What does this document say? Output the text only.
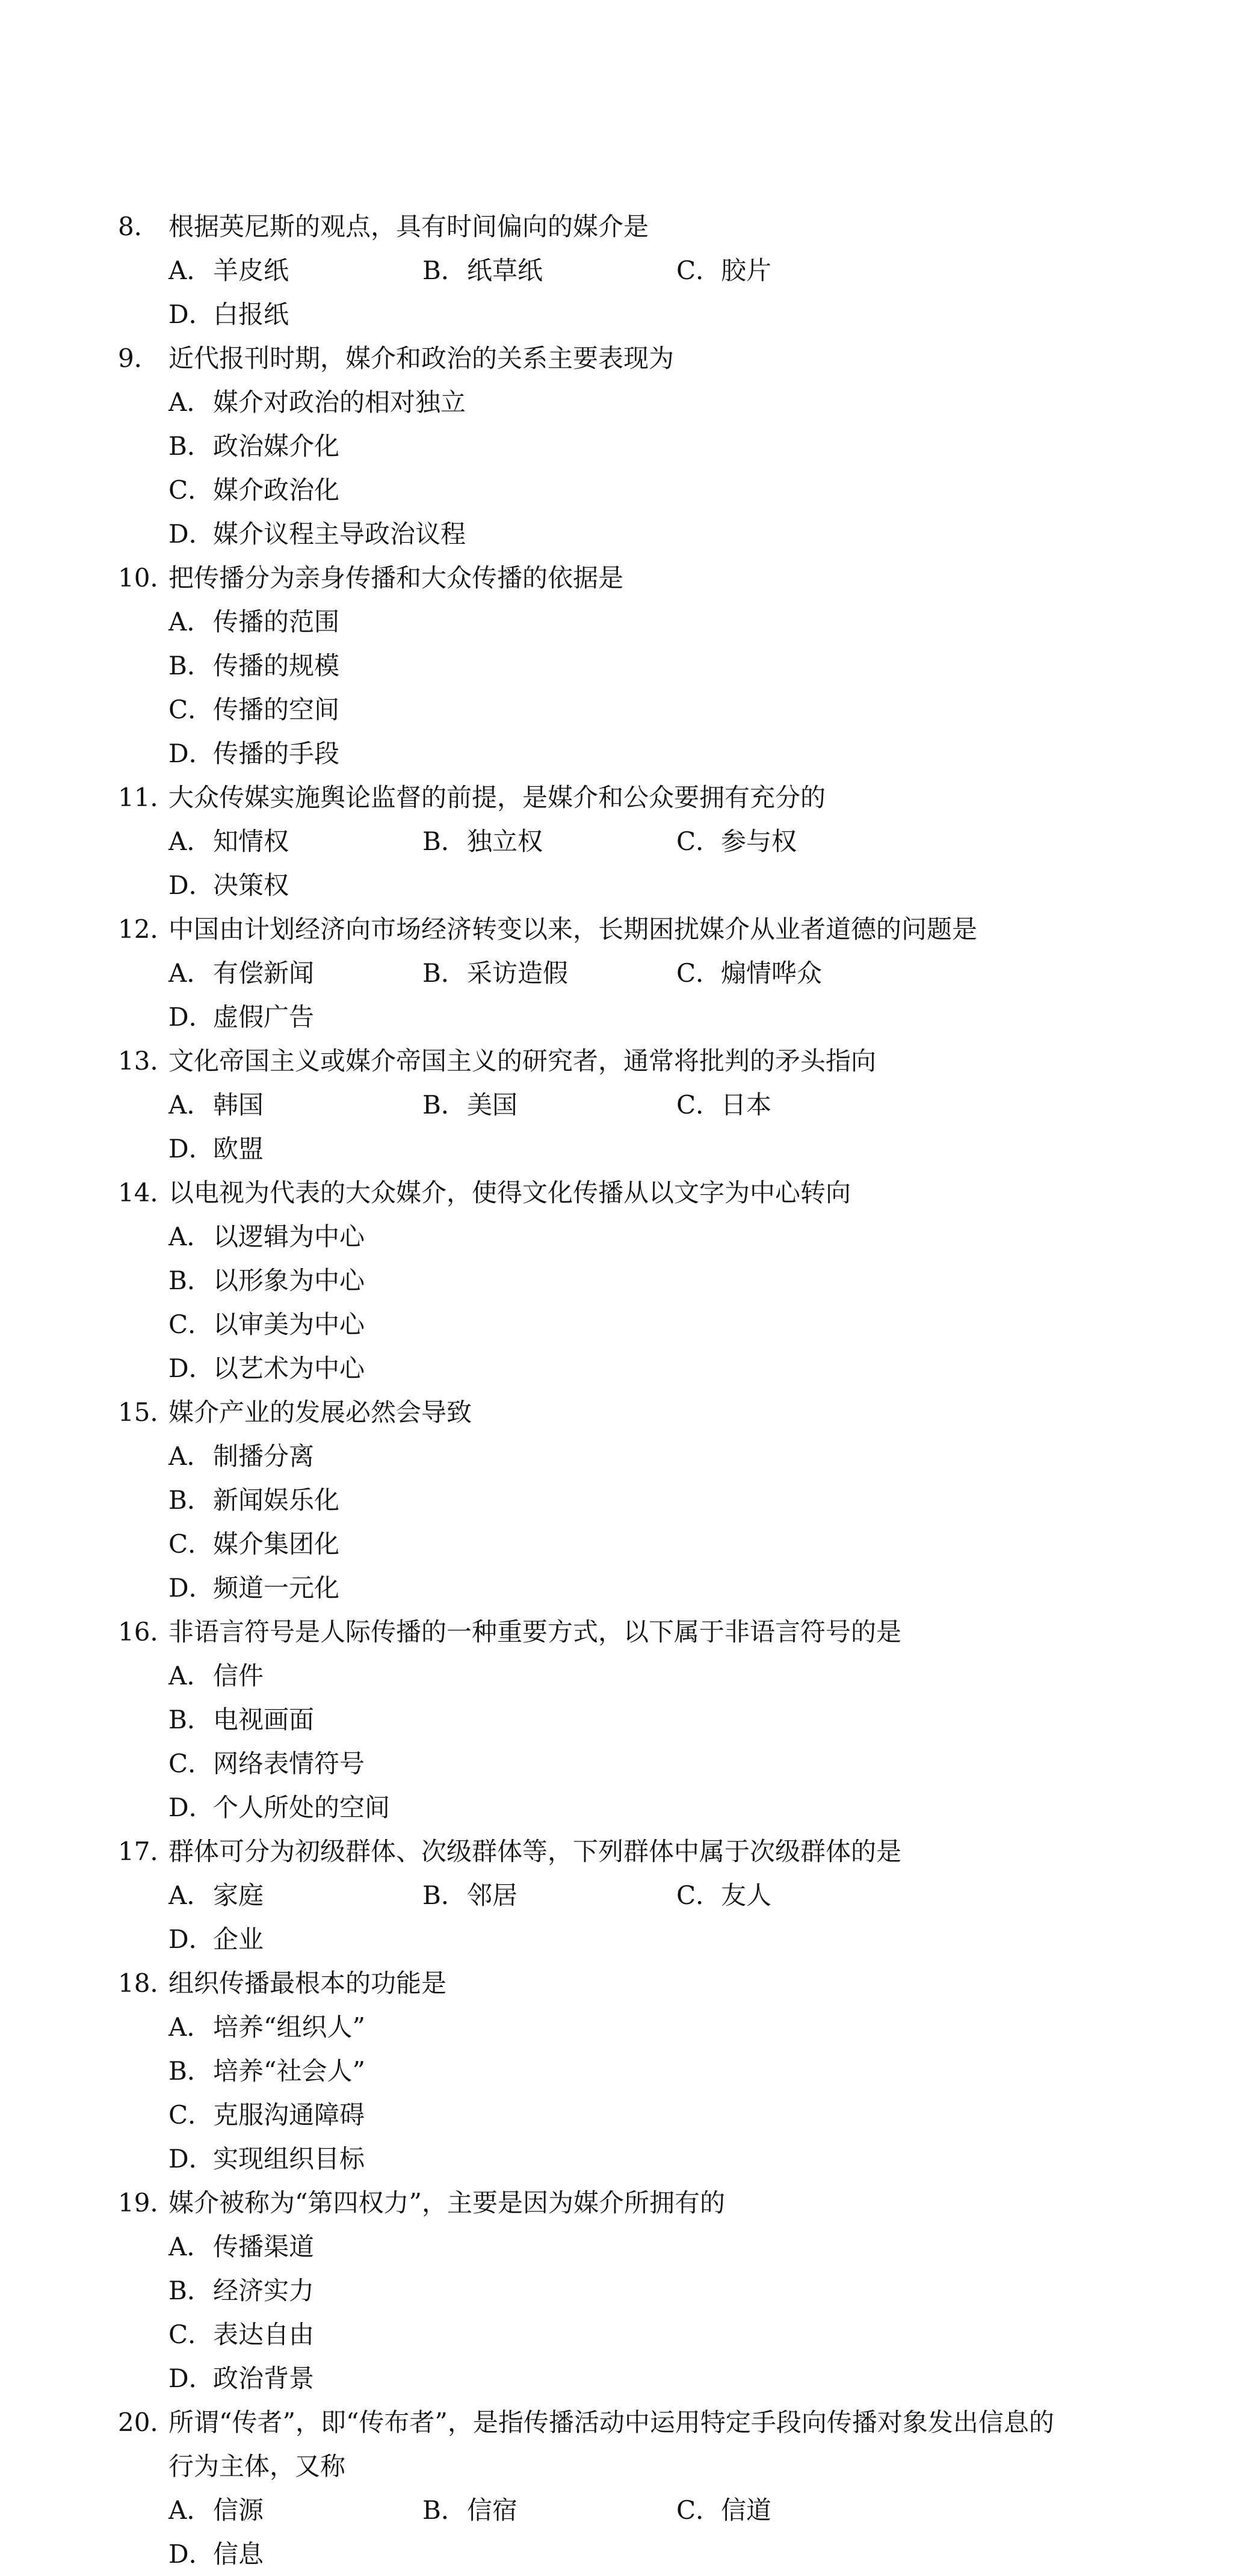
8． 根据英尼斯的观点，具有时间偏向的媒介是
A．羊皮纸	B．纸草纸	C．胶片
D．白报纸
9． 近代报刊时期，媒介和政治的关系主要表现为
A．媒介对政治的相对独立
B．政治媒介化
C．媒介政治化
D．媒介议程主导政治议程
10．
把传播分为亲身传播和大众传播的依据是
A．传播的范围
B．传播的规模
C．传播的空间
D．传播的手段
11．
大众传媒实施舆论监督的前提，是媒介和公众要拥有充分的
A．知情权	B．独立权	C．参与权
D．决策权
12．
中国由计划经济向市场经济转变以来，长期困扰媒介从业者道德的问题是
A．有偿新闻	B．采访造假	C．煽情哗众
D．虚假广告
13．
文化帝国主义或媒介帝国主义的研究者，通常将批判的矛头指向
A．韩国	B．美国	C．日本
D．欧盟
14．
以电视为代表的大众媒介，使得文化传播从以文字为中心转向
A．以逻辑为中心
B．以形象为中心
C．以审美为中心
D．以艺术为中心
15．
媒介产业的发展必然会导致
A．制播分离
B．新闻娱乐化
C．媒介集团化
D．频道一元化
16．
非语言符号是人际传播的一种重要方式，以下属于非语言符号的是
A．信件
B．电视画面
C．网络表情符号
D．个人所处的空间
17．
群体可分为初级群体、次级群体等，下列群体中属于次级群体的是
A．家庭	B．邻居	C．友人
D．企业
18．
组织传播最根本的功能是
A．培养“组织人”
B．培养“社会人”
C．克服沟通障碍
D．实现组织目标
19．
媒介被称为“第四权力”，主要是因为媒介所拥有的
A．传播渠道
B．经济实力
C．表达自由
D．政治背景
20．
所谓“传者”，即“传布者”，是指传播活动中运用特定手段向传播对象发出信息的
行为主体，又称
A．信源	B．信宿	C．信道
D．信息
